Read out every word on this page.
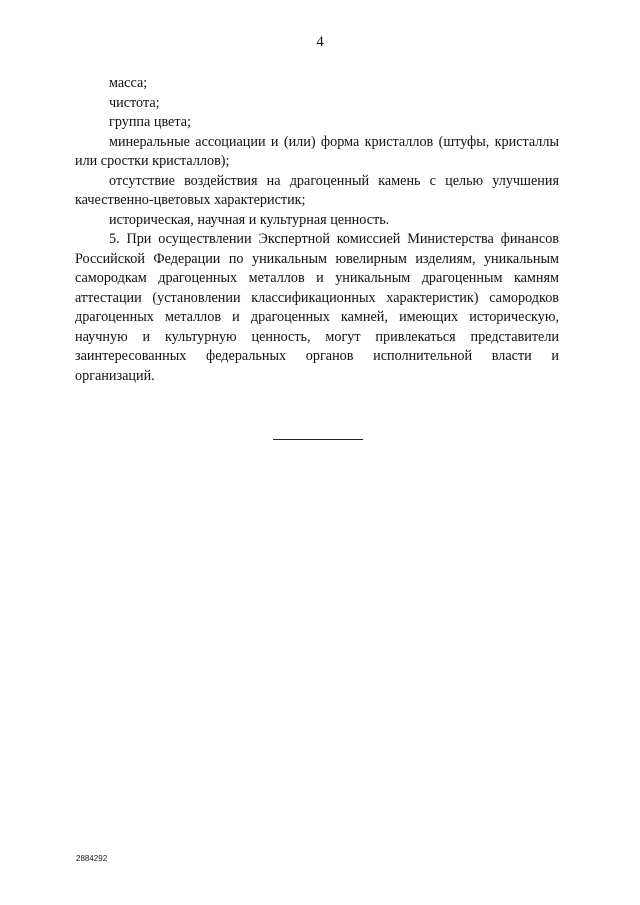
4

масса;

чистота;

группа цвета;

минеральные ассоциации и (или) форма кристаллов (штуфы, кристаллы или сростки кристаллов);

отсутствие воздействия на драгоценный камень с целью улучшения качественно-цветовых характеристик;

историческая, научная и культурная ценность.

5. При осуществлении Экспертной комиссией Министерства финансов Российской Федерации по уникальным ювелирным изделиям, уникальным самородкам драгоценных металлов и уникальным драгоценным камням аттестации (установлении классификационных характеристик) самородков драгоценных металлов и драгоценных камней, имеющих историческую, научную и культурную ценность, могут привлекаться представители заинтересованных федеральных органов исполнительной власти и организаций.

2884292
